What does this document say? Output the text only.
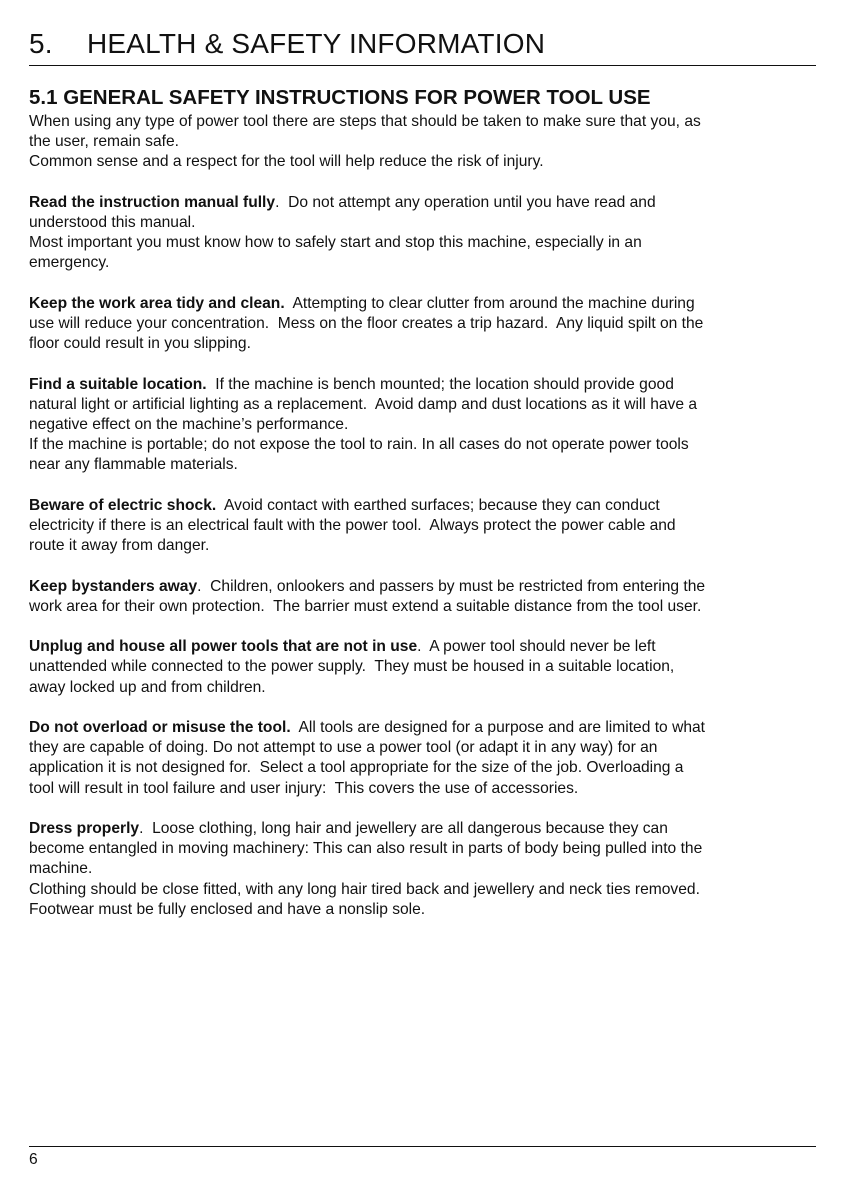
5. HEALTH & SAFETY INFORMATION
5.1 GENERAL SAFETY INSTRUCTIONS FOR POWER TOOL USE

When using any type of power tool there are steps that should be taken to make sure that you, as
the user, remain safe.
Common sense and a respect for the tool will help reduce the risk of injury.

Read the instruction manual fully.  Do not attempt any operation until you have read and
understood this manual.
Most important you must know how to safely start and stop this machine, especially in an
emergency.

Keep the work area tidy and clean.  Attempting to clear clutter from around the machine during
use will reduce your concentration.  Mess on the floor creates a trip hazard.  Any liquid spilt on the
floor could result in you slipping.

Find a suitable location.  If the machine is bench mounted; the location should provide good
natural light or artificial lighting as a replacement.  Avoid damp and dust locations as it will have a
negative effect on the machine’s performance.
If the machine is portable; do not expose the tool to rain. In all cases do not operate power tools
near any flammable materials.

Beware of electric shock.  Avoid contact with earthed surfaces; because they can conduct
electricity if there is an electrical fault with the power tool.  Always protect the power cable and
route it away from danger.

Keep bystanders away.  Children, onlookers and passers by must be restricted from entering the
work area for their own protection.  The barrier must extend a suitable distance from the tool user.

Unplug and house all power tools that are not in use.  A power tool should never be left
unattended while connected to the power supply.  They must be housed in a suitable location,
away locked up and from children.

Do not overload or misuse the tool.  All tools are designed for a purpose and are limited to what
they are capable of doing. Do not attempt to use a power tool (or adapt it in any way) for an
application it is not designed for.  Select a tool appropriate for the size of the job. Overloading a
tool will result in tool failure and user injury:  This covers the use of accessories.

Dress properly.  Loose clothing, long hair and jewellery are all dangerous because they can
become entangled in moving machinery: This can also result in parts of body being pulled into the
machine.
Clothing should be close fitted, with any long hair tired back and jewellery and neck ties removed.
Footwear must be fully enclosed and have a nonslip sole.

6
